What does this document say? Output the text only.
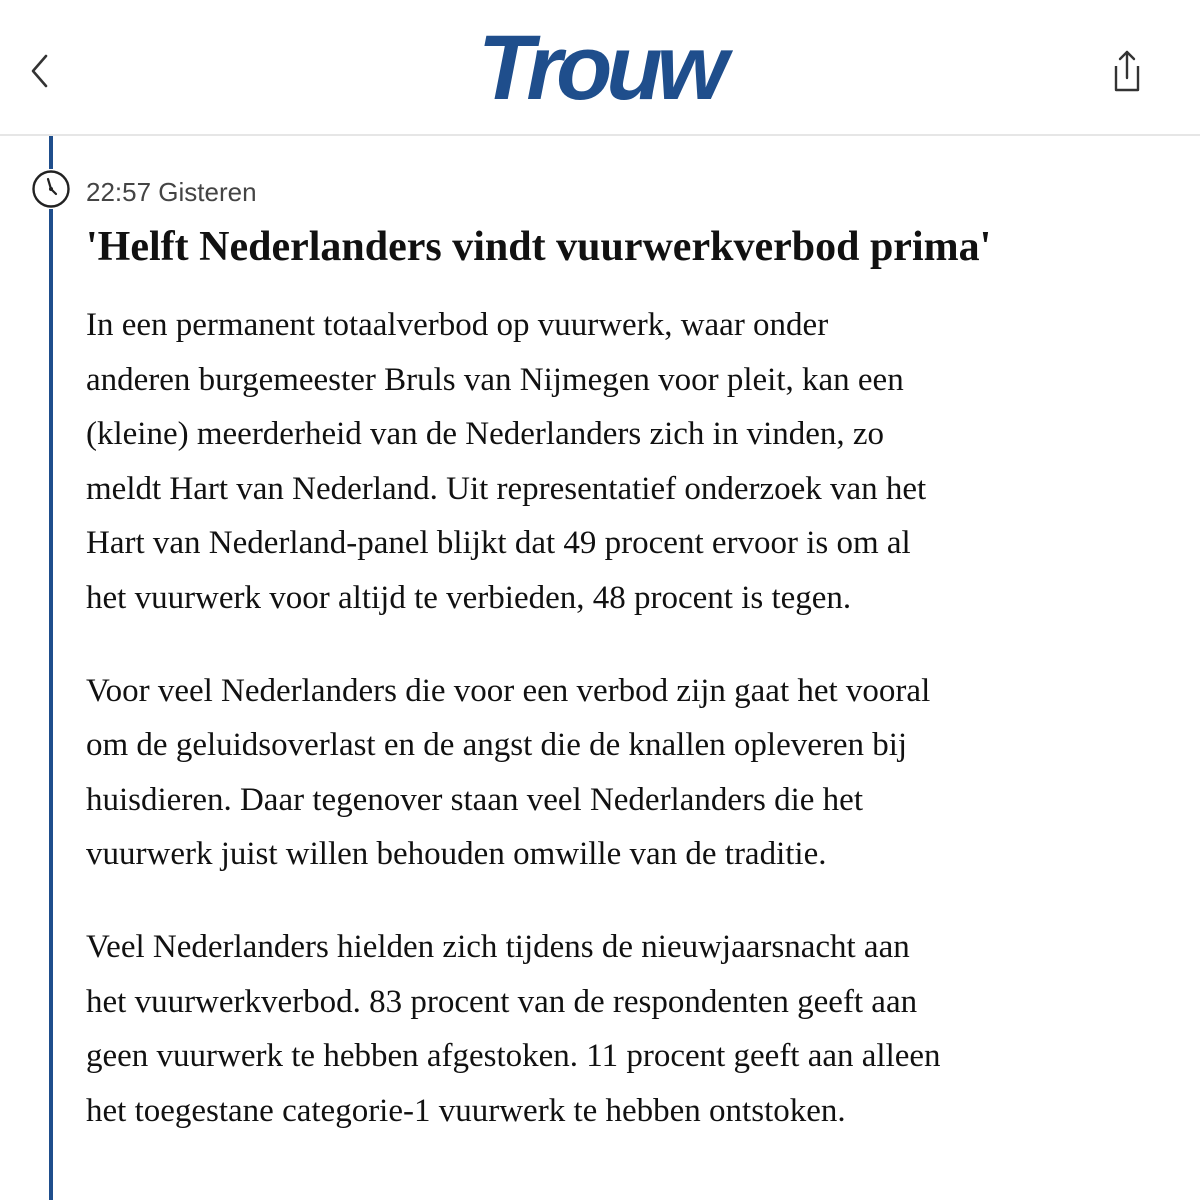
Trouw
22:57 Gisteren
'Helft Nederlanders vindt vuurwerkverbod prima'

In een permanent totaalverbod op vuurwerk, waar onder
anderen burgemeester Bruls van Nijmegen voor pleit, kan een
(kleine) meerderheid van de Nederlanders zich in vinden, zo
meldt Hart van Nederland. Uit representatief onderzoek van het
Hart van Nederland-panel blijkt dat 49 procent ervoor is om al
het vuurwerk voor altijd te verbieden, 48 procent is tegen.

Voor veel Nederlanders die voor een verbod zijn gaat het vooral
om de geluidsoverlast en de angst die de knallen opleveren bij
huisdieren. Daar tegenover staan veel Nederlanders die het
vuurwerk juist willen behouden omwille van de traditie.

Veel Nederlanders hielden zich tijdens de nieuwjaarsnacht aan
het vuurwerkverbod. 83 procent van de respondenten geeft aan
geen vuurwerk te hebben afgestoken. 11 procent geeft aan alleen
het toegestane categorie-1 vuurwerk te hebben ontstoken.
